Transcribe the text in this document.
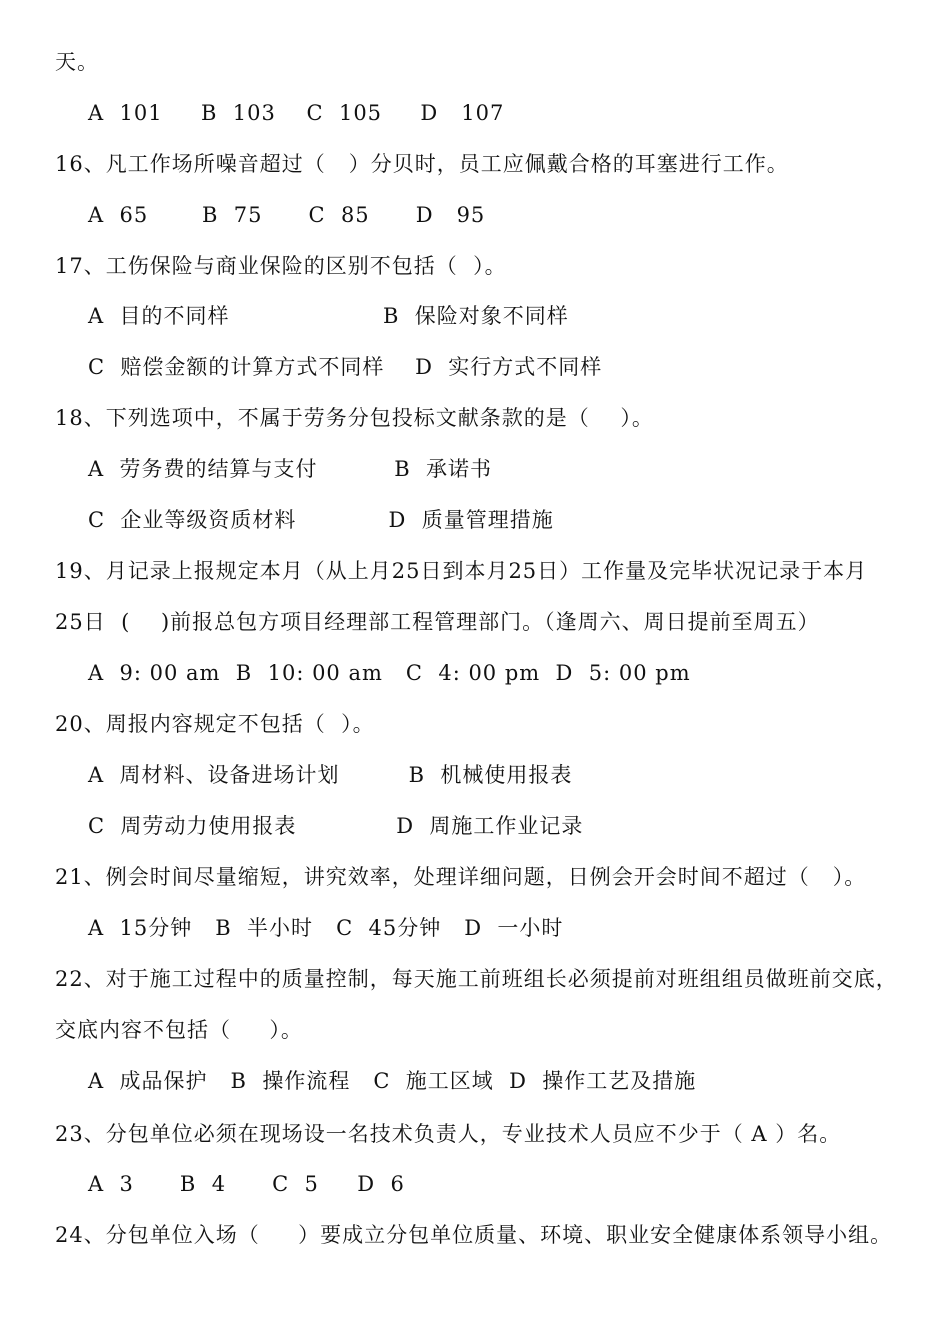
天。
A  101     B  103    C  105     D   107
16、凡工作场所噪音超过（   ）分贝时，员工应佩戴合格的耳塞进行工作。
A  65       B  75      C  85      D   95
17、工伤保险与商业保险的区别不包括（  ）。
A  目的不同样                    B  保险对象不同样
C  赔偿金额的计算方式不同样    D  实行方式不同样
18、下列选项中，不属于劳务分包投标文献条款的是（    ）。
A  劳务费的结算与支付          B  承诺书
C  企业等级资质材料            D  质量管理措施
19、月记录上报规定本月（从上月25日到本月25日）工作量及完毕状况记录于本月
25日  (    )前报总包方项目经理部工程管理部门。（逢周六、周日提前至周五）
A  9: 00 am  B  10: 00 am   C  4: 00 pm  D  5: 00 pm
20、周报内容规定不包括（  ）。
A  周材料、设备进场计划         B  机械使用报表
C  周劳动力使用报表             D  周施工作业记录
21、例会时间尽量缩短，讲究效率，处理详细问题，日例会开会时间不超过（   ）。
A  15分钟   B  半小时   C  45分钟   D  一小时
22、对于施工过程中的质量控制，每天施工前班组长必须提前对班组组员做班前交底，
交底内容不包括（     ）。
A  成品保护   B  操作流程   C  施工区域  D  操作工艺及措施
23、分包单位必须在现场设一名技术负责人，专业技术人员应不少于（ A ）名。
A  3      B  4      C  5     D  6
24、分包单位入场（     ）要成立分包单位质量、环境、职业安全健康体系领导小组。
